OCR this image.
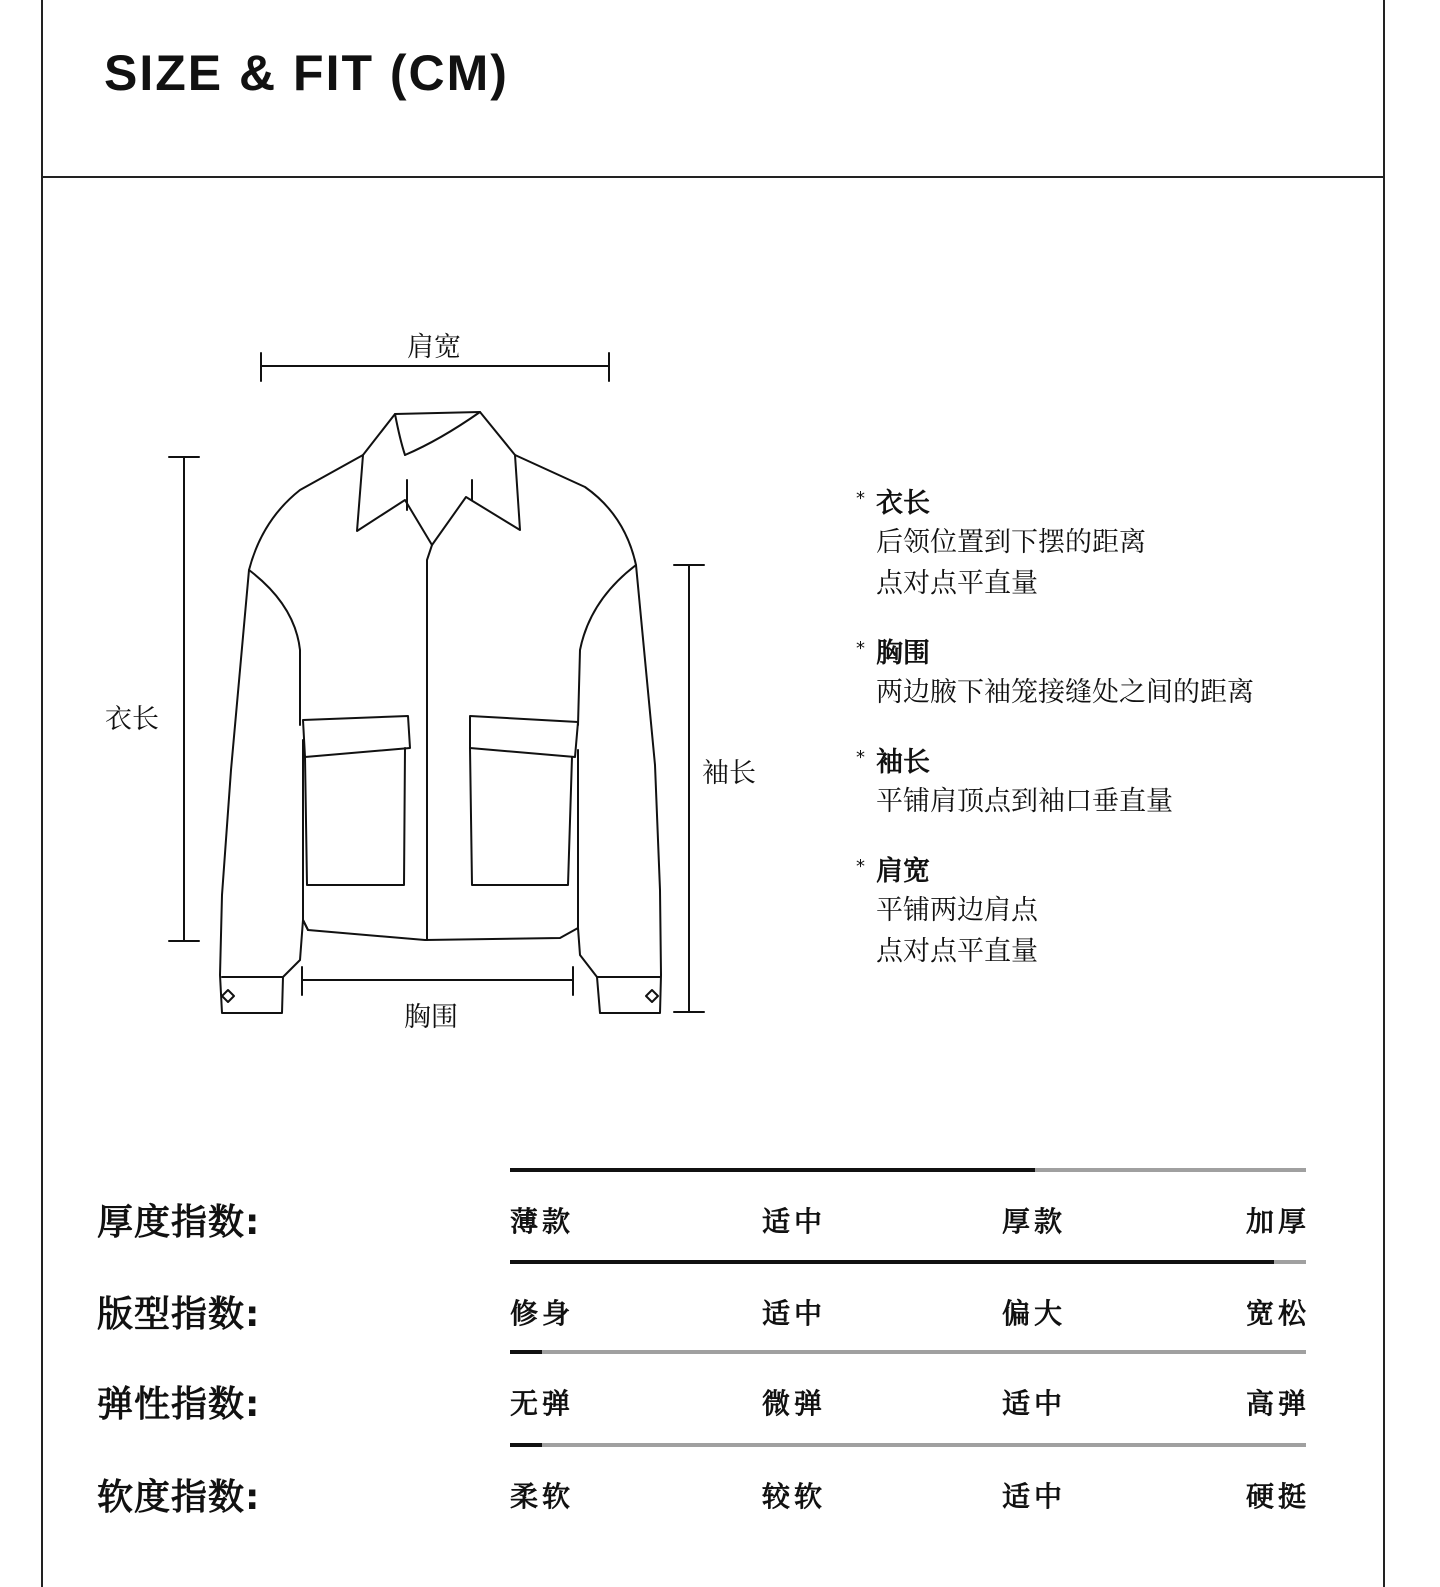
SIZE & FIT (CM)
肩宽
衣长
袖长
胸围
* 衣长
后领位置到下摆的距离
点对点平直量
* 胸围
两边腋下袖笼接缝处之间的距离
* 袖长
平铺肩顶点到袖口垂直量
* 肩宽
平铺两边肩点
点对点平直量
厚度指数:	薄款	适中	厚款	加厚
版型指数:	修身	适中	偏大	宽松
弹性指数:	无弹	微弹	适中	高弹
软度指数:	柔软	较软	适中	硬挺
